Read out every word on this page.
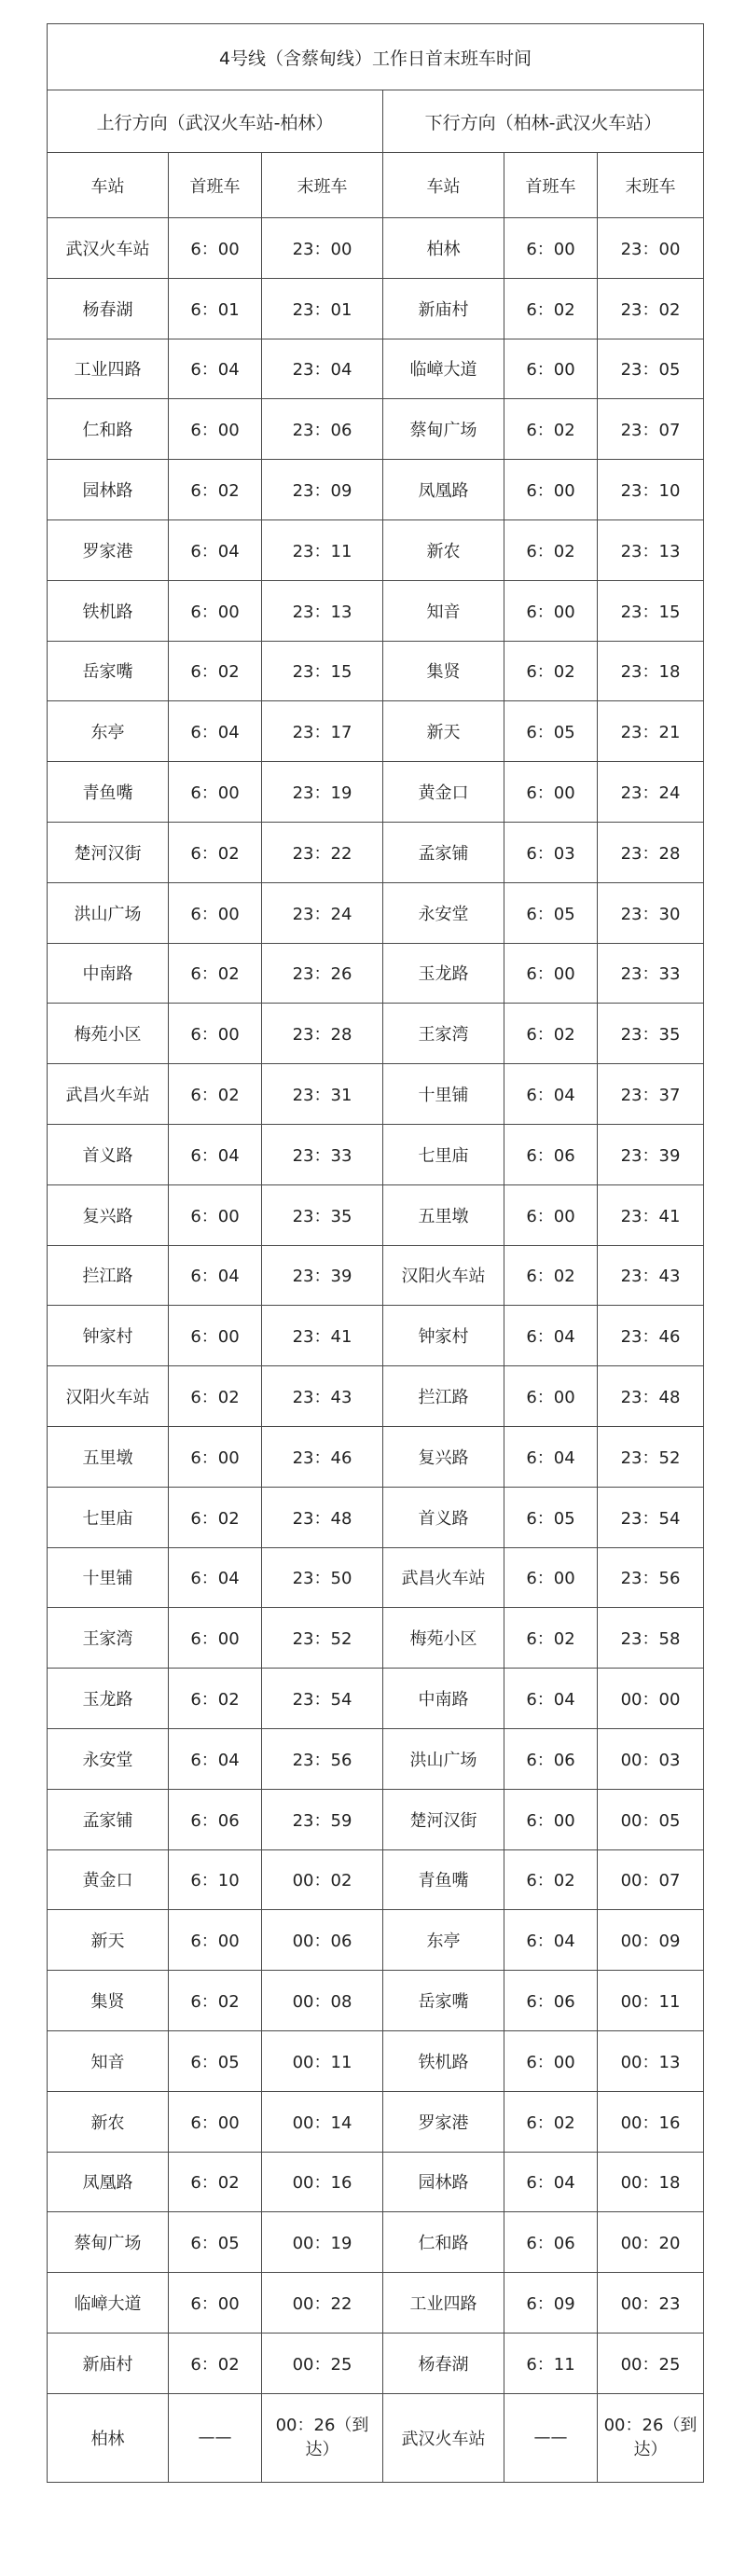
4号线（含蔡甸线）工作日首末班车时间					
上行方向（武汉火车站-柏林）			下行方向（柏林-武汉火车站）		
车站	首班车	末班车	车站	首班车	末班车
武汉火车站	6：00	23：00	柏林	6：00	23：00
杨春湖	6：01	23：01	新庙村	6：02	23：02
工业四路	6：04	23：04	临嶂大道	6：00	23：05
仁和路	6：00	23：06	蔡甸广场	6：02	23：07
园林路	6：02	23：09	凤凰路	6：00	23：10
罗家港	6：04	23：11	新农	6：02	23：13
铁机路	6：00	23：13	知音	6：00	23：15
岳家嘴	6：02	23：15	集贤	6：02	23：18
东亭	6：04	23：17	新天	6：05	23：21
青鱼嘴	6：00	23：19	黄金口	6：00	23：24
楚河汉街	6：02	23：22	孟家铺	6：03	23：28
洪山广场	6：00	23：24	永安堂	6：05	23：30
中南路	6：02	23：26	玉龙路	6：00	23：33
梅苑小区	6：00	23：28	王家湾	6：02	23：35
武昌火车站	6：02	23：31	十里铺	6：04	23：37
首义路	6：04	23：33	七里庙	6：06	23：39
复兴路	6：00	23：35	五里墩	6：00	23：41
拦江路	6：04	23：39	汉阳火车站	6：02	23：43
钟家村	6：00	23：41	钟家村	6：04	23：46
汉阳火车站	6：02	23：43	拦江路	6：00	23：48
五里墩	6：00	23：46	复兴路	6：04	23：52
七里庙	6：02	23：48	首义路	6：05	23：54
十里铺	6：04	23：50	武昌火车站	6：00	23：56
王家湾	6：00	23：52	梅苑小区	6：02	23：58
玉龙路	6：02	23：54	中南路	6：04	00：00
永安堂	6：04	23：56	洪山广场	6：06	00：03
孟家铺	6：06	23：59	楚河汉街	6：00	00：05
黄金口	6：10	00：02	青鱼嘴	6：02	00：07
新天	6：00	00：06	东亭	6：04	00：09
集贤	6：02	00：08	岳家嘴	6：06	00：11
知音	6：05	00：11	铁机路	6：00	00：13
新农	6：00	00：14	罗家港	6：02	00：16
凤凰路	6：02	00：16	园林路	6：04	00：18
蔡甸广场	6：05	00：19	仁和路	6：06	00：20
临嶂大道	6：00	00：22	工业四路	6：09	00：23
新庙村	6：02	00：25	杨春湖	6：11	00：25
柏林	——	00：26（到达）	武汉火车站	——	00：26（到达）
